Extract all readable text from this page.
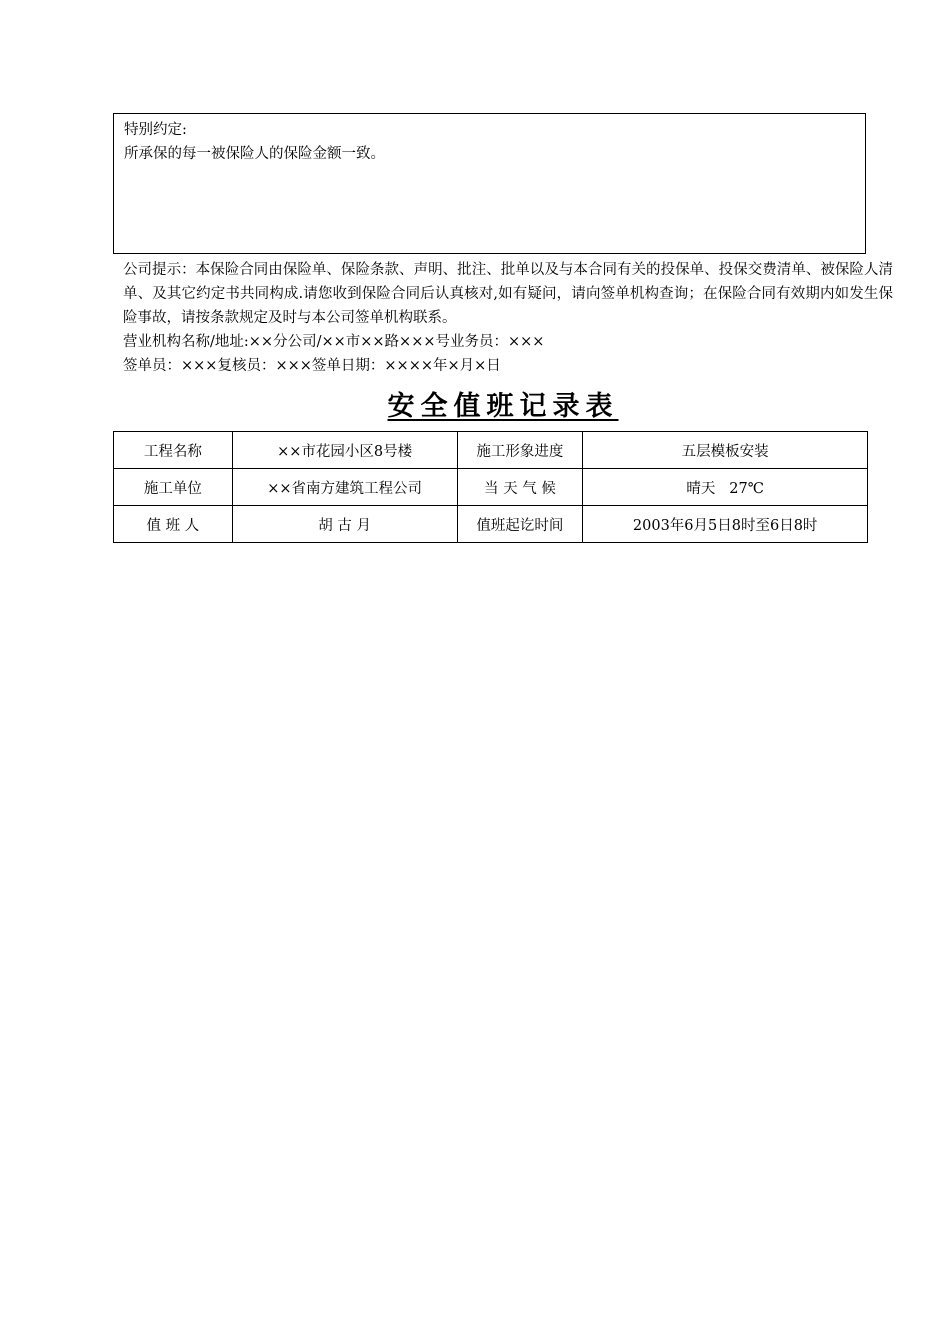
特别约定:
所承保的每一被保险人的保险金额一致。
公司提示：本保险合同由保险单、保险条款、声明、批注、批单以及与本合同有关的投保单、投保交费清单、被保险人清单、及其它约定书共同构成.请您收到保险合同后认真核对,如有疑问，请向签单机构查询；在保险合同有效期内如发生保险事故，请按条款规定及时与本公司签单机构联系。
营业机构名称/地址:××分公司/××市××路×××号业务员：×××
签单员：×××复核员：×××签单日期：××××年×月×日
安全值班记录表
工程名称	××市花园小区8号楼	施工形象进度	五层模板安装
施工单位	××省南方建筑工程公司	当 天 气 候	晴天   27℃
值 班 人	胡 古 月	值班起讫时间	2003年6月5日8时至6日8时
